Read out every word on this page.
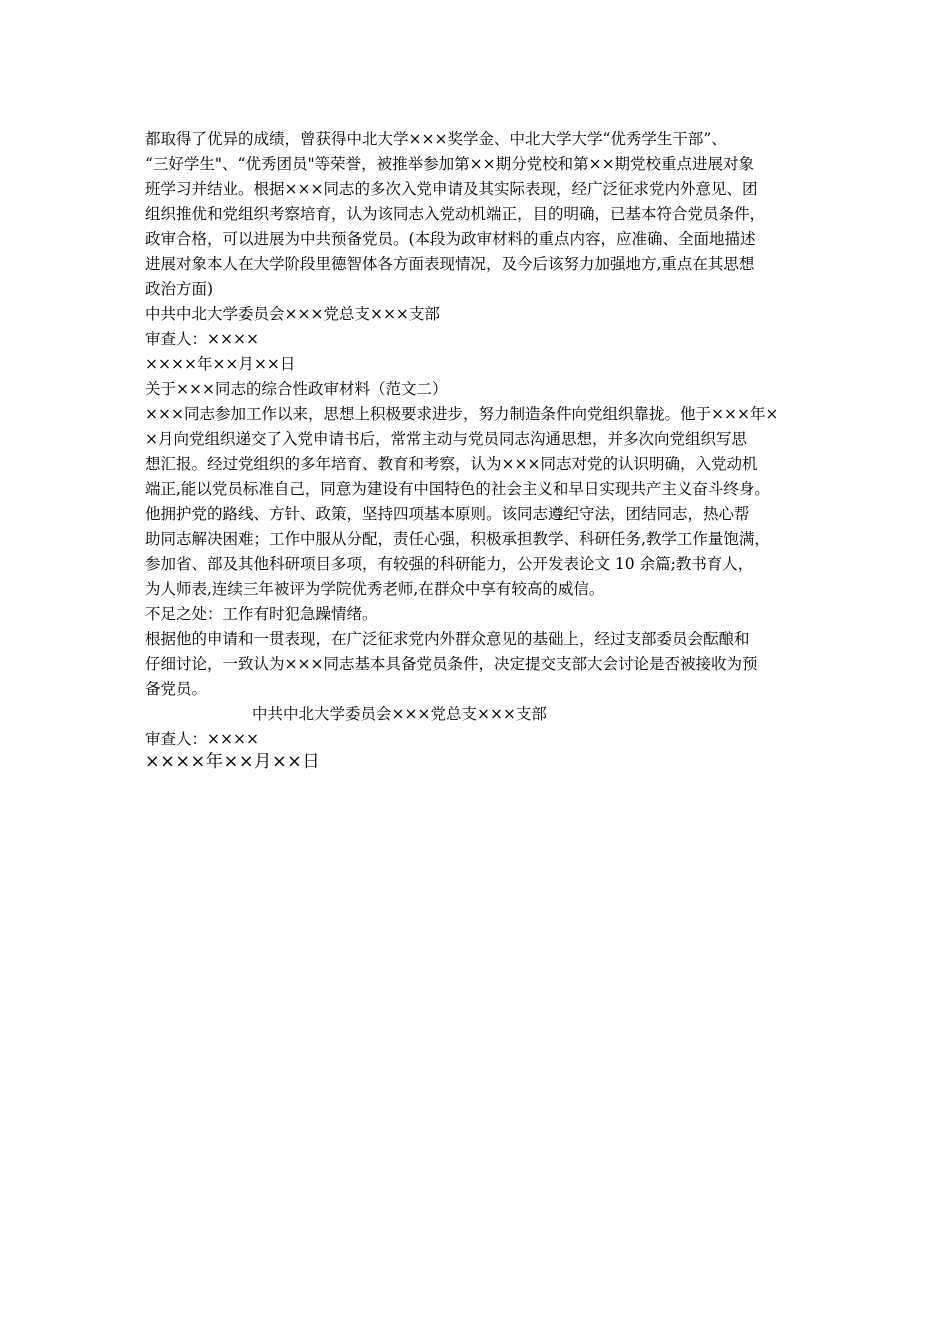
都取得了优异的成绩，曾获得中北大学×××奖学金、中北大学大学“优秀学生干部”、
“三好学生"、“优秀团员"等荣誉，被推举参加第××期分党校和第××期党校重点进展对象
班学习并结业。根据×××同志的多次入党申请及其实际表现，经广泛征求党内外意见、团
组织推优和党组织考察培育，认为该同志入党动机端正，目的明确，已基本符合党员条件，
政审合格，可以进展为中共预备党员。(本段为政审材料的重点内容，应准确、全面地描述
进展对象本人在大学阶段里德智体各方面表现情况，及今后该努力加强地方,重点在其思想
政治方面)
中共中北大学委员会×××党总支×××支部
审查人：××××
××××年××月××日
关于×××同志的综合性政审材料（范文二）
×××同志参加工作以来，思想上积极要求进步，努力制造条件向党组织靠拢。他于×××年×
×月向党组织递交了入党申请书后，常常主动与党员同志沟通思想，并多次向党组织写思
想汇报。经过党组织的多年培育、教育和考察，认为×××同志对党的认识明确，入党动机
端正,能以党员标准自己，同意为建设有中国特色的社会主义和早日实现共产主义奋斗终身。
他拥护党的路线、方针、政策，坚持四项基本原则。该同志遵纪守法，团结同志，热心帮
助同志解决困难；工作中服从分配，责任心强，积极承担教学、科研任务,教学工作量饱满，
参加省、部及其他科研项目多项，有较强的科研能力，公开发表论文 10 余篇;教书育人，
为人师表,连续三年被评为学院优秀老师,在群众中享有较高的威信。
不足之处：工作有时犯急躁情绪。
根据他的申请和一贯表现，在广泛征求党内外群众意见的基础上，经过支部委员会酝酿和
仔细讨论，一致认为×××同志基本具备党员条件，决定提交支部大会讨论是否被接收为预
备党员。
中共中北大学委员会×××党总支×××支部
审查人：××××
××××年××月××日
